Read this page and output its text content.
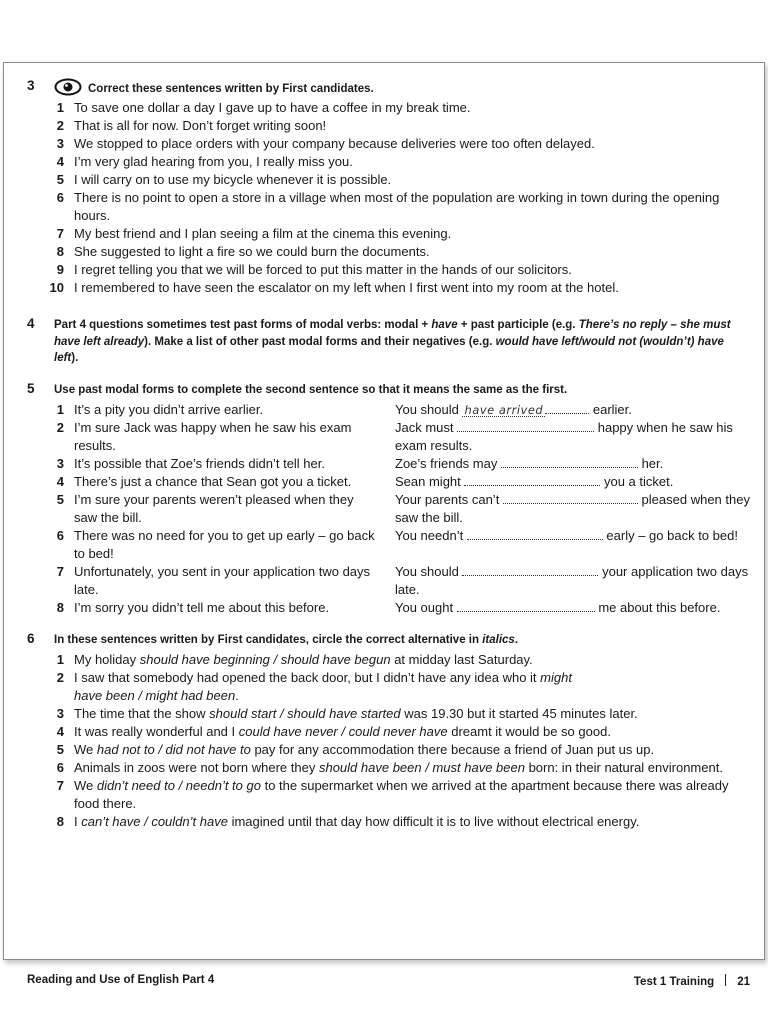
3	Correct these sentences written by First candidates.
1 To save one dollar a day I gave up to have a coffee in my break time.
2 That is all for now. Don’t forget writing soon!
3 We stopped to place orders with your company because deliveries were too often delayed.
4 I’m very glad hearing from you, I really miss you.
5 I will carry on to use my bicycle whenever it is possible.
6 There is no point to open a store in a village when most of the population are working in town during the opening hours.
7 My best friend and I plan seeing a film at the cinema this evening.
8 She suggested to light a fire so we could burn the documents.
9 I regret telling you that we will be forced to put this matter in the hands of our solicitors.
10 I remembered to have seen the escalator on my left when I first went into my room at the hotel.
4 Part 4 questions sometimes test past forms of modal verbs: modal + have + past participle (e.g. There’s no reply – she must have left already). Make a list of other past modal forms and their negatives (e.g. would have left/would not (wouldn’t) have left).
5 Use past modal forms to complete the second sentence so that it means the same as the first.
1 It’s a pity you didn’t arrive earlier.	You should have arrived	earlier.
2 I’m sure Jack was happy when he saw his exam results.
Jack must	happy when he saw his exam results.
3 It’s possible that Zoe’s friends didn’t tell her.	Zoe’s friends may	her.
4 There’s just a chance that Sean got you a ticket.	Sean might	you a ticket.
5 I’m sure your parents weren’t pleased when they saw the bill.
Your parents can’t	pleased when they saw the bill.
6 There was no need for you to get up early – go back to bed!
You needn’t	early – go back to bed!
7 Unfortunately, you sent in your application two days late.
You should	your application two days late.
8 I’m sorry you didn’t tell me about this before.	You ought	me about this before.
6 In these sentences written by First candidates, circle the correct alternative in italics.
1 My holiday should have beginning / should have begun at midday last Saturday.
2 I saw that somebody had opened the back door, but I didn’t have any idea who it might have been / might had been.
3 The time that the show should start / should have started was 19.30 but it started 45 minutes later.
4 It was really wonderful and I could have never / could never have dreamt it would be so good.
5 We had not to / did not have to pay for any accommodation there because a friend of Juan put us up.
6 Animals in zoos were not born where they should have been / must have been born: in their natural environment.
7 We didn’t need to / needn’t to go to the supermarket when we arrived at the apartment because there was already food there.
8 I can’t have / couldn’t have imagined until that day how difficult it is to live without electrical energy.
Reading and Use of English Part 4	Test 1 Training 21
